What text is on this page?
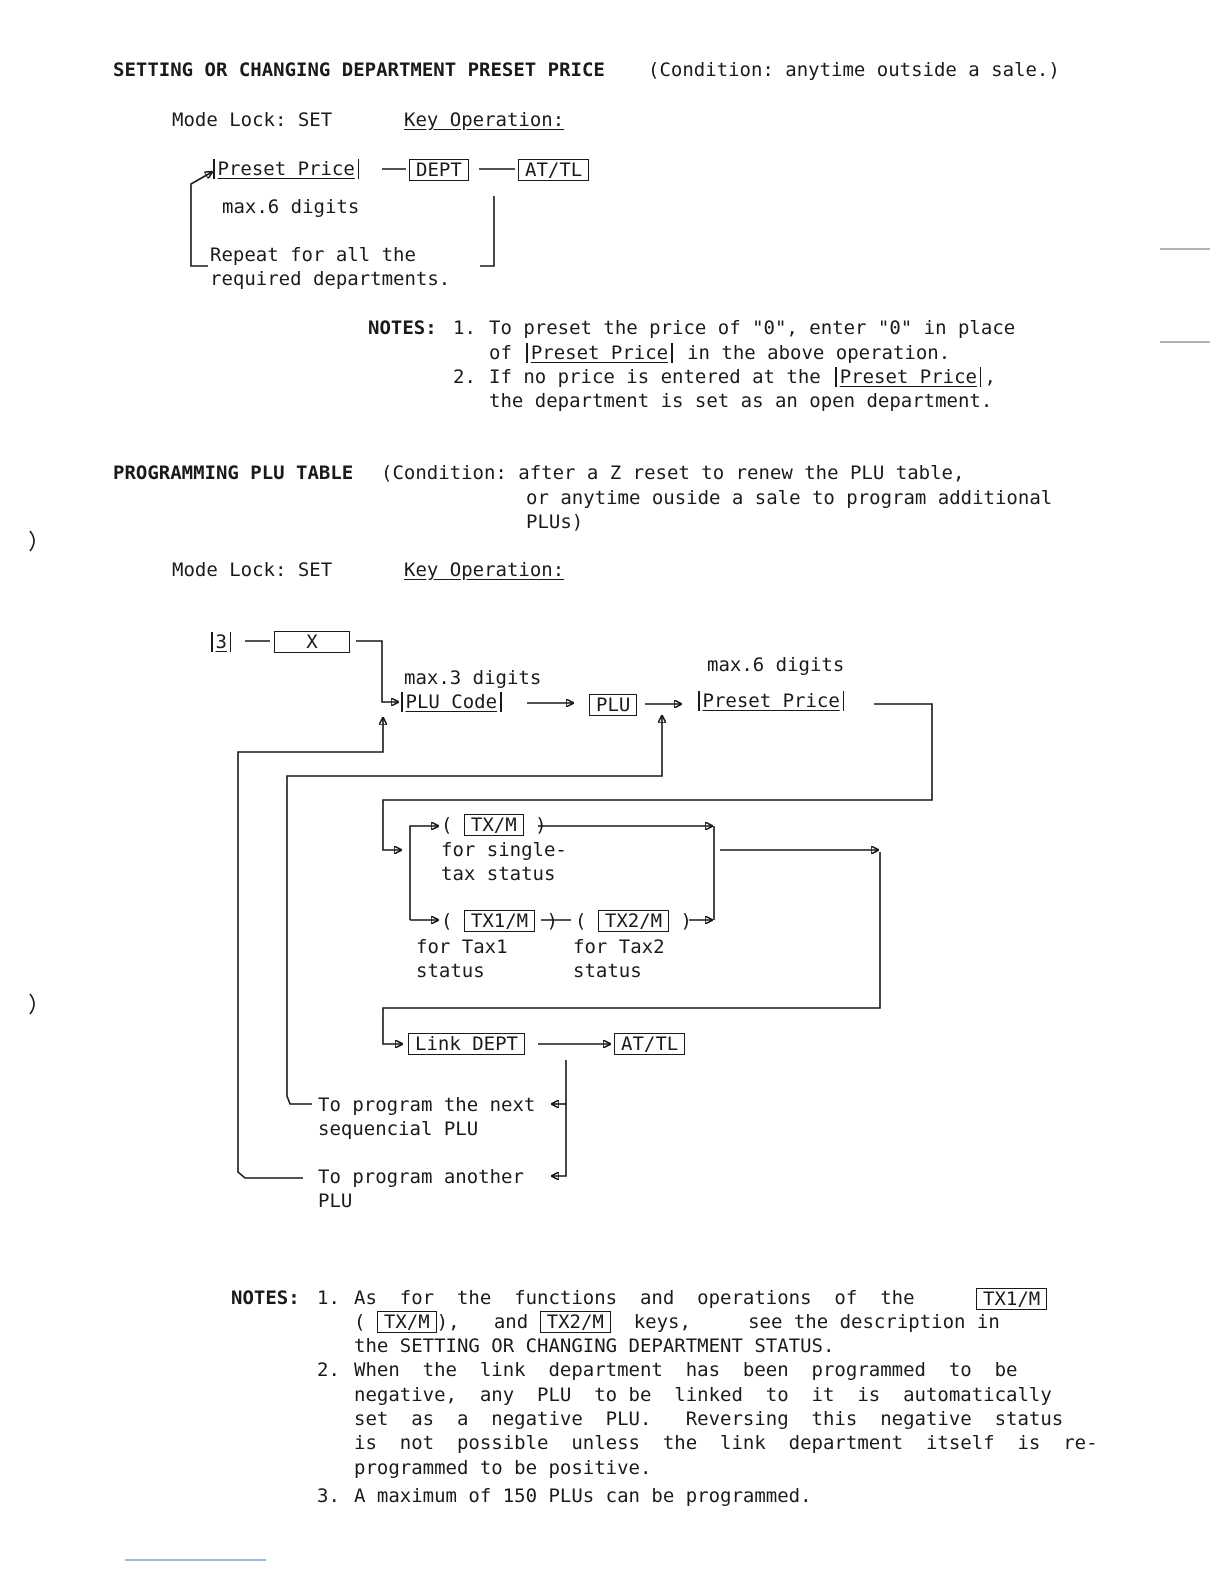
SETTING OR CHANGING DEPARTMENT PRESET PRICE (Condition: anytime outside a sale.)
Mode Lock: SET	Key Operation:
Preset Price	DEPT	AT/TL
max.6 digits
Repeat for all the
required departments.
NOTES: 1. To preset the price of "0", enter "0" in place
of Preset Price in the above operation.
2. If no price is entered at the Preset Price ,
the department is set as an open department.
PROGRAMMING PLU TABLE (Condition: after a Z reset to renew the PLU table,
or anytime ouside a sale to program additional
PLUs)
Mode Lock: SET	Key Operation:
3	X
max.3 digits
PLU Code	PLU
max.6 digits
Preset Price
( TX/M )
for single-
tax status
( TX1/M ) ( TX2/M )
for Tax1
status
for Tax2
status
Link DEPT	AT/TL
To program the next
sequencial PLU
To program another
PLU
NOTES: 1. As  for  the  functions  and  operations  of  the	TX1/M
( TX/M ),   and TX2/M keys,     see the description in
the SETTING OR CHANGING DEPARTMENT STATUS.
2. When  the  link  department  has  been  programmed  to  be
negative,  any  PLU  to be  linked  to  it  is  automatically
set  as  a  negative  PLU.   Reversing  this  negative  status
is  not  possible  unless  the  link  department  itself  is  re-
programmed to be positive.
3. A maximum of 150 PLUs can be programmed.
